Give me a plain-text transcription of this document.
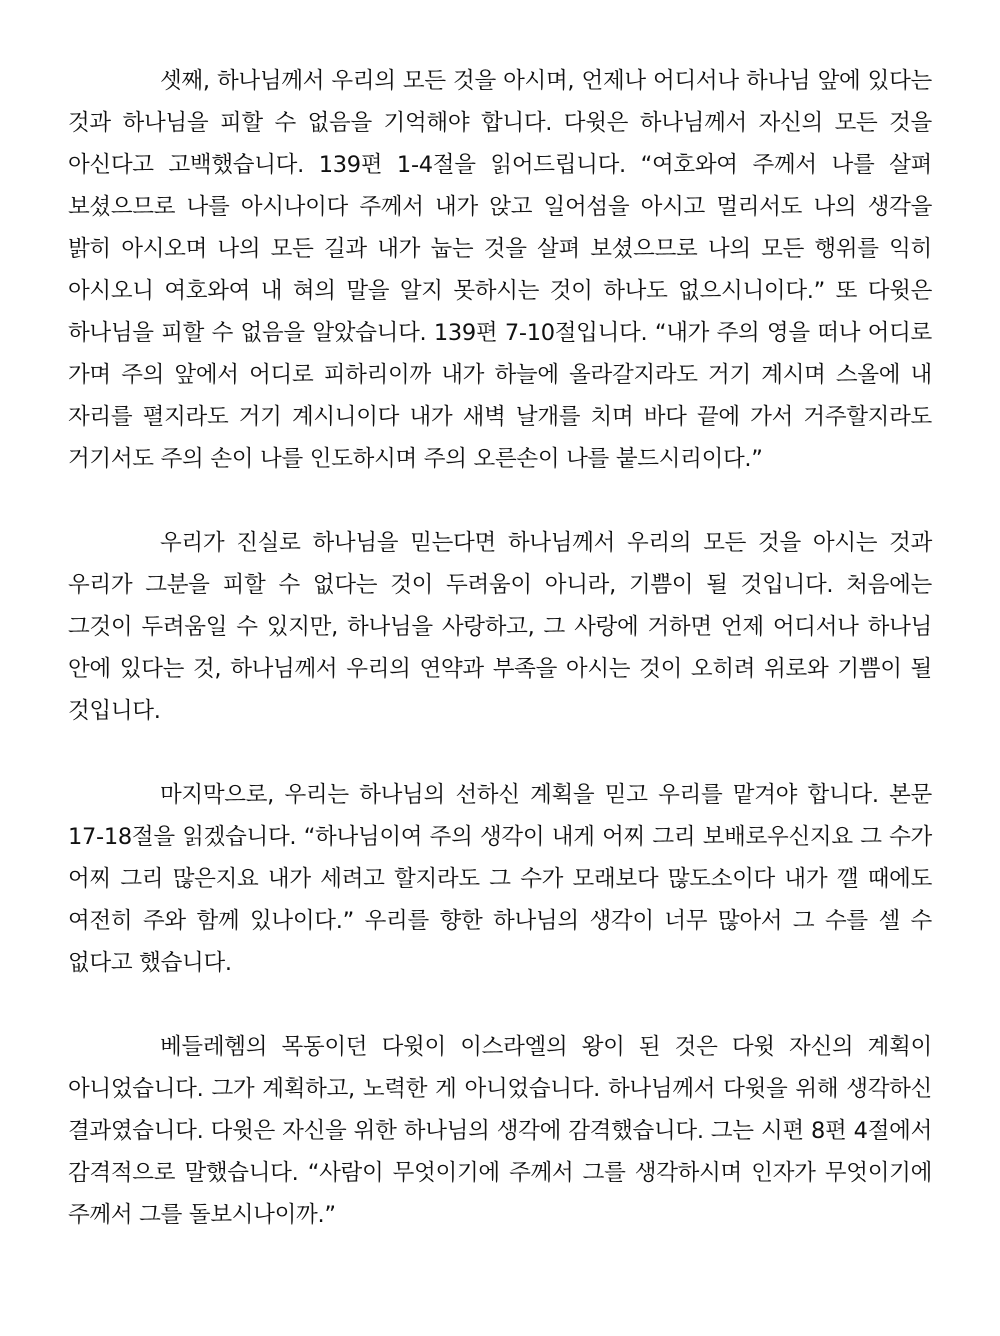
셋째, 하나님께서 우리의 모든 것을 아시며, 언제나 어디서나 하나님 앞에 있다는 것과 하나님을 피할 수 없음을 기억해야 합니다. 다윗은 하나님께서 자신의 모든 것을 아신다고 고백했습니다. 139편 1-4절을 읽어드립니다. “여호와여 주께서 나를 살펴 보셨으므로 나를 아시나이다 주께서 내가 앉고 일어섬을 아시고 멀리서도 나의 생각을 밝히 아시오며 나의 모든 길과 내가 눕는 것을 살펴 보셨으므로 나의 모든 행위를 익히 아시오니 여호와여 내 혀의 말을 알지 못하시는 것이 하나도 없으시니이다.” 또 다윗은 하나님을 피할 수 없음을 알았습니다. 139편 7-10절입니다. “내가 주의 영을 떠나 어디로 가며 주의 앞에서 어디로 피하리이까 내가 하늘에 올라갈지라도 거기 계시며 스올에 내 자리를 펼지라도 거기 계시니이다 내가 새벽 날개를 치며 바다 끝에 가서 거주할지라도 거기서도 주의 손이 나를 인도하시며 주의 오른손이 나를 붙드시리이다.”

우리가 진실로 하나님을 믿는다면 하나님께서 우리의 모든 것을 아시는 것과 우리가 그분을 피할 수 없다는 것이 두려움이 아니라, 기쁨이 될 것입니다. 처음에는 그것이 두려움일 수 있지만, 하나님을 사랑하고, 그 사랑에 거하면 언제 어디서나 하나님 안에 있다는 것, 하나님께서 우리의 연약과 부족을 아시는 것이 오히려 위로와 기쁨이 될 것입니다.

마지막으로, 우리는 하나님의 선하신 계획을 믿고 우리를 맡겨야 합니다. 본문 17-18절을 읽겠습니다. “하나님이여 주의 생각이 내게 어찌 그리 보배로우신지요 그 수가 어찌 그리 많은지요 내가 세려고 할지라도 그 수가 모래보다 많도소이다 내가 깰 때에도 여전히 주와 함께 있나이다.” 우리를 향한 하나님의 생각이 너무 많아서 그 수를 셀 수 없다고 했습니다.

베들레헴의 목동이던 다윗이 이스라엘의 왕이 된 것은 다윗 자신의 계획이 아니었습니다. 그가 계획하고, 노력한 게 아니었습니다. 하나님께서 다윗을 위해 생각하신 결과였습니다. 다윗은 자신을 위한 하나님의 생각에 감격했습니다. 그는 시편 8편 4절에서 감격적으로 말했습니다. “사람이 무엇이기에 주께서 그를 생각하시며 인자가 무엇이기에 주께서 그를 돌보시나이까.”
